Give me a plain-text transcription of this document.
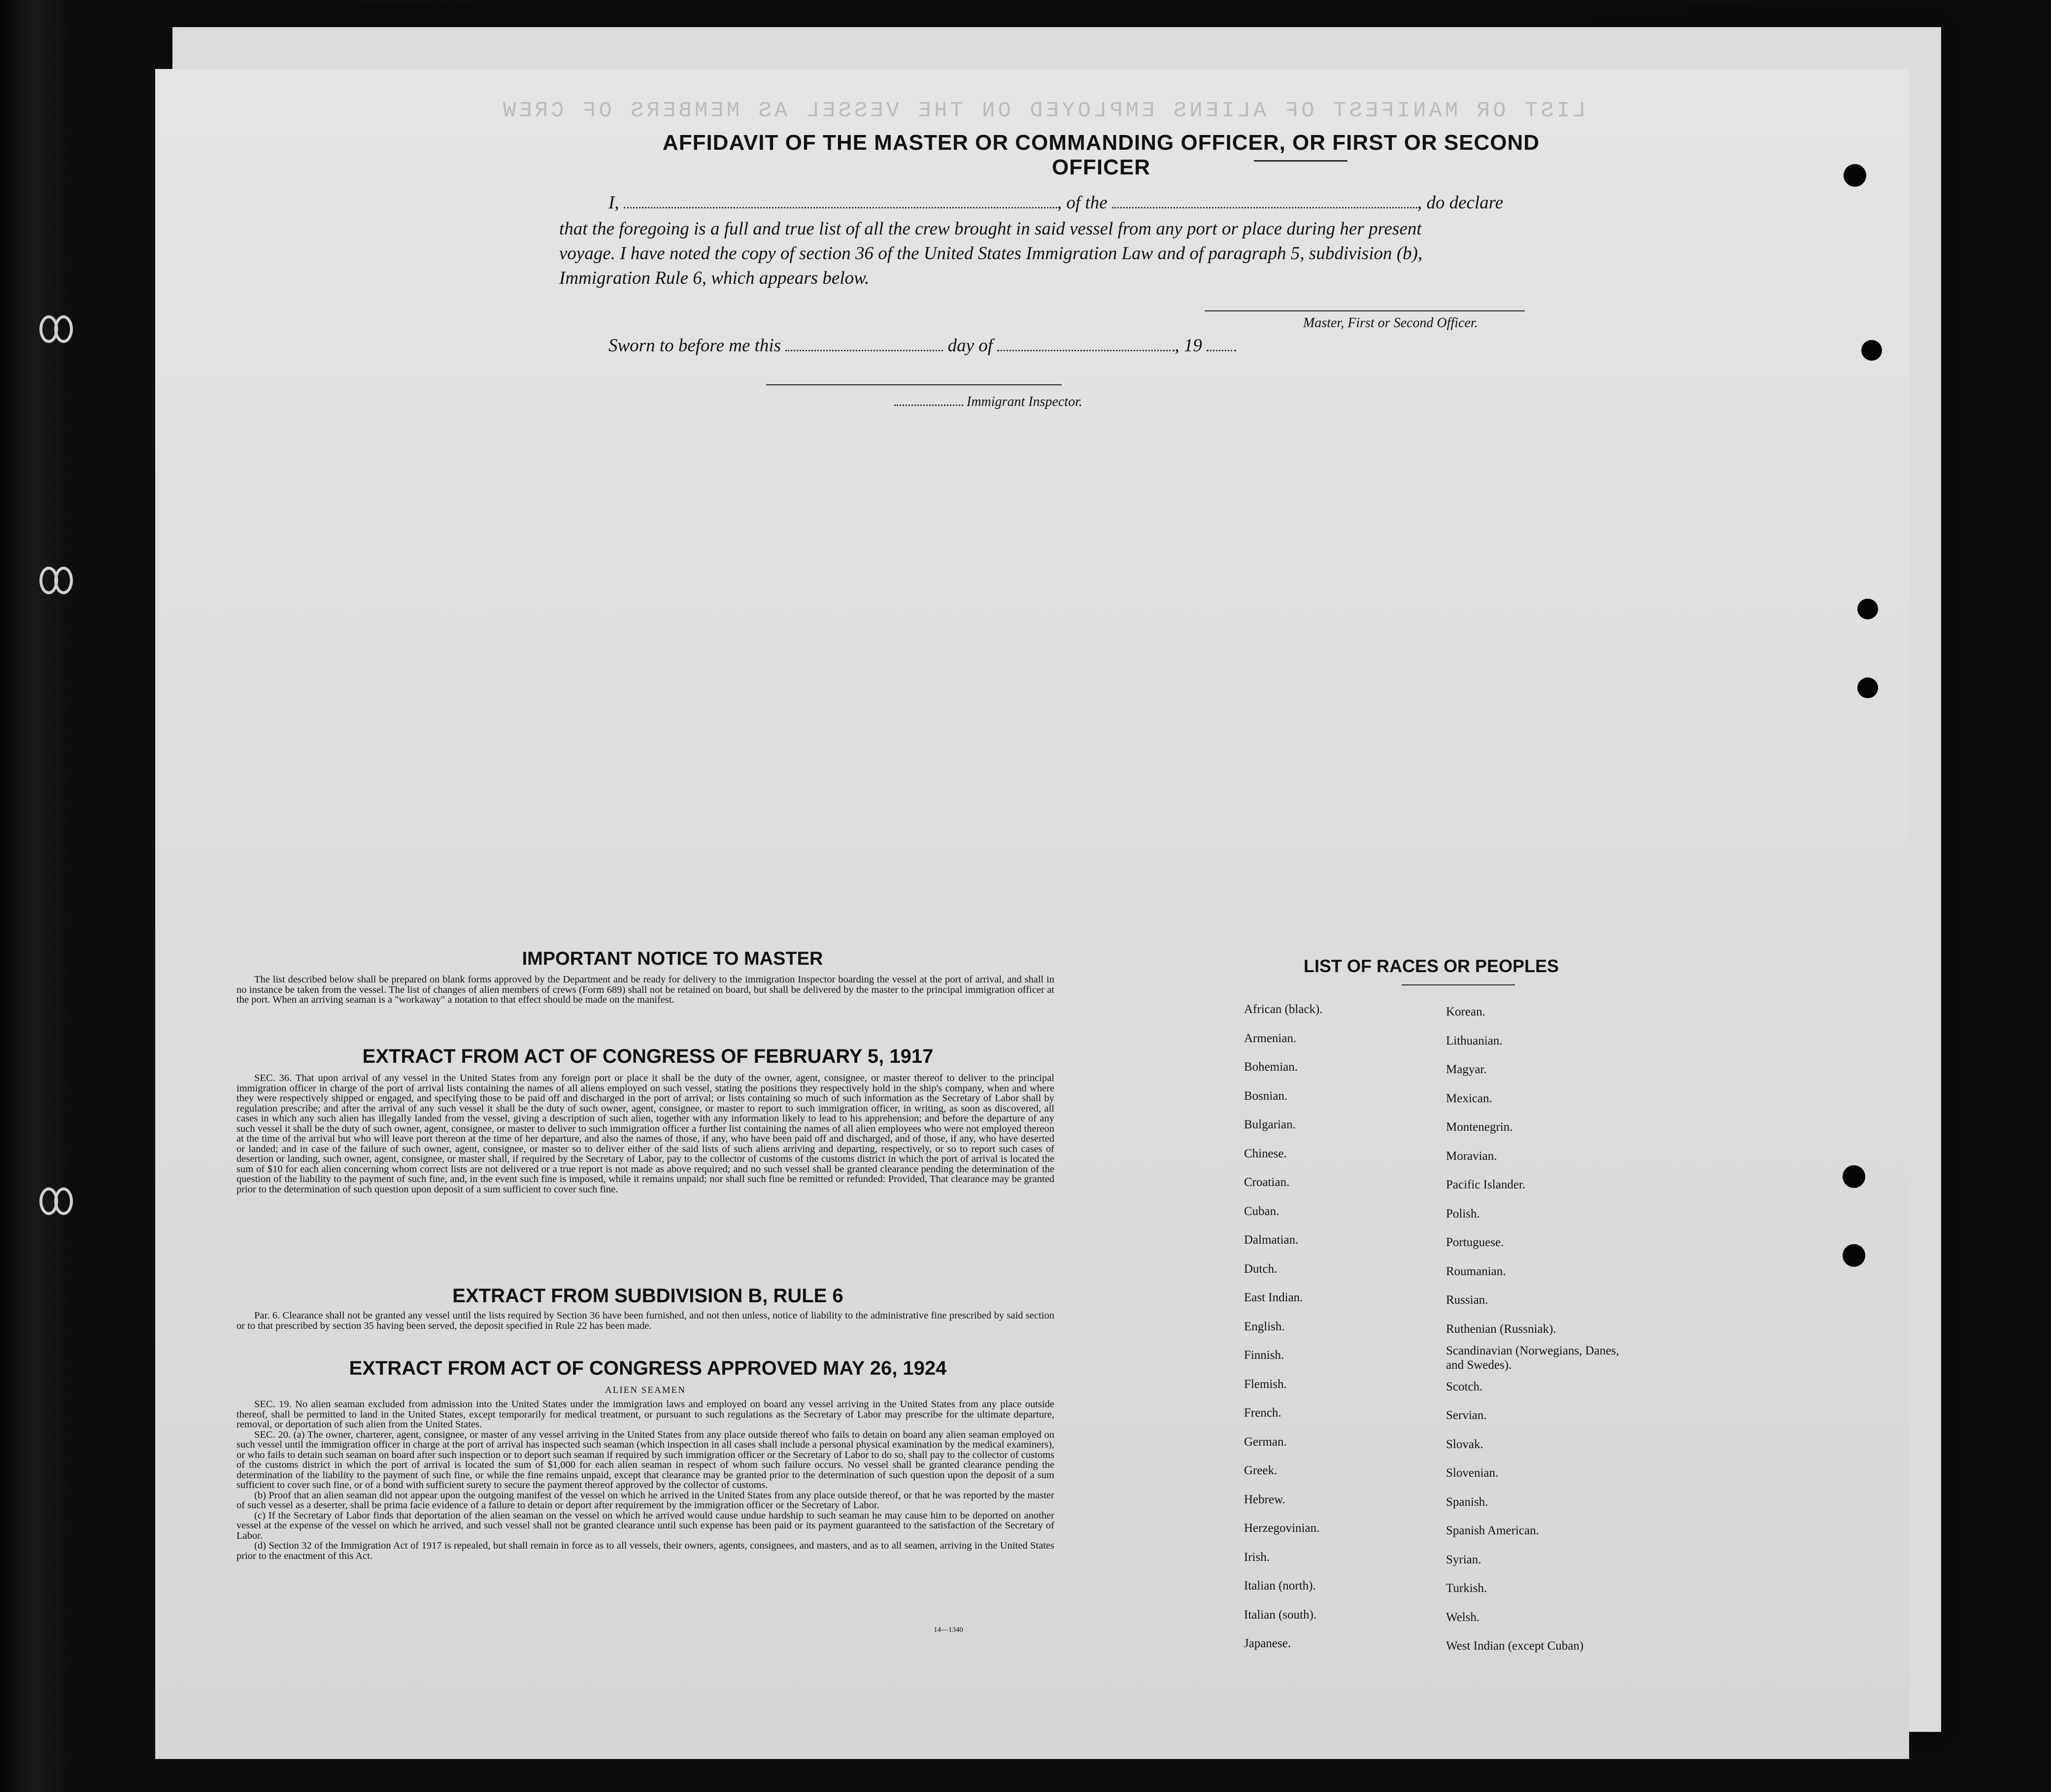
LIST OR MANIFEST OF ALIENS EMPLOYED ON THE VESSEL AS MEMBERS OF CREW
AFFIDAVIT OF THE MASTER OR COMMANDING OFFICER, OR FIRST OR SECOND OFFICER
I,	, of the	, do declare
that the foregoing is a full and true list of all the crew brought in said vessel from any port or place during her present
voyage. I have noted the copy of section 36 of the United States Immigration Law and of paragraph 5, subdivision (b),
Immigration Rule 6, which appears below.
Master, First or Second Officer.
Sworn to before me this	day of	, 19
Immigrant Inspector.
IMPORTANT NOTICE TO MASTER

The list described below shall be prepared on blank forms approved by the Department and be ready for delivery to the immigration Inspector boarding the vessel at the port of arrival, and shall in no instance be taken from the vessel. The list of changes of alien members of crews (Form 689) shall not be retained on board, but shall be delivered by the master to the principal immigration officer at the port. When an arriving seaman is a "workaway" a notation to that effect should be made on the manifest.

EXTRACT FROM ACT OF CONGRESS OF FEBRUARY 5, 1917

SEC. 36. That upon arrival of any vessel in the United States from any foreign port or place it shall be the duty of the owner, agent, consignee, or master thereof to deliver to the principal immigration officer in charge of the port of arrival lists containing the names of all aliens employed on such vessel, stating the positions they respectively hold in the ship's company, when and where they were respectively shipped or engaged, and specifying those to be paid off and discharged in the port of arrival; or lists containing so much of such information as the Secretary of Labor shall by regulation prescribe; and after the arrival of any such vessel it shall be the duty of such owner, agent, consignee, or master to report to such immigration officer, in writing, as soon as discovered, all cases in which any such alien has illegally landed from the vessel, giving a description of such alien, together with any information likely to lead to his apprehension; and before the departure of any such vessel it shall be the duty of such owner, agent, consignee, or master to deliver to such immigration officer a further list containing the names of all alien employees who were not employed thereon at the time of the arrival but who will leave port thereon at the time of her departure, and also the names of those, if any, who have been paid off and discharged, and of those, if any, who have deserted or landed; and in case of the failure of such owner, agent, consignee, or master so to deliver either of the said lists of such aliens arriving and departing, respectively, or so to report such cases of desertion or landing, such owner, agent, consignee, or master shall, if required by the Secretary of Labor, pay to the collector of customs of the customs district in which the port of arrival is located the sum of $10 for each alien concerning whom correct lists are not delivered or a true report is not made as above required; and no such vessel shall be granted clearance pending the determination of the question of the liability to the payment of such fine, and, in the event such fine is imposed, while it remains unpaid; nor shall such fine be remitted or refunded: Provided, That clearance may be granted prior to the determination of such question upon deposit of a sum sufficient to cover such fine.

EXTRACT FROM SUBDIVISION B, RULE 6

Par. 6. Clearance shall not be granted any vessel until the lists required by Section 36 have been furnished, and not then unless, notice of liability to the administrative fine prescribed by said section or to that prescribed by section 35 having been served, the deposit specified in Rule 22 has been made.

EXTRACT FROM ACT OF CONGRESS APPROVED MAY 26, 1924
ALIEN SEAMEN

SEC. 19. No alien seaman excluded from admission into the United States under the immigration laws and employed on board any vessel arriving in the United States from any place outside thereof, shall be permitted to land in the United States, except temporarily for medical treatment, or pursuant to such regulations as the Secretary of Labor may prescribe for the ultimate departure, removal, or deportation of such alien from the United States.

SEC. 20. (a) The owner, charterer, agent, consignee, or master of any vessel arriving in the United States from any place outside thereof who fails to detain on board any alien seaman employed on such vessel until the immigration officer in charge at the port of arrival has inspected such seaman (which inspection in all cases shall include a personal physical examination by the medical examiners), or who fails to detain such seaman on board after such inspection or to deport such seaman if required by such immigration officer or the Secretary of Labor to do so, shall pay to the collector of customs of the customs district in which the port of arrival is located the sum of $1,000 for each alien seaman in respect of whom such failure occurs. No vessel shall be granted clearance pending the determination of the liability to the payment of such fine, or while the fine remains unpaid, except that clearance may be granted prior to the determination of such question upon the deposit of a sum sufficient to cover such fine, or of a bond with sufficient surety to secure the payment thereof approved by the collector of customs.

(b) Proof that an alien seaman did not appear upon the outgoing manifest of the vessel on which he arrived in the United States from any place outside thereof, or that he was reported by the master of such vessel as a deserter, shall be prima facie evidence of a failure to detain or deport after requirement by the immigration officer or the Secretary of Labor.

(c) If the Secretary of Labor finds that deportation of the alien seaman on the vessel on which he arrived would cause undue hardship to such seaman he may cause him to be deported on another vessel at the expense of the vessel on which he arrived, and such vessel shall not be granted clearance until such expense has been paid or its payment guaranteed to the satisfaction of the Secretary of Labor.

(d) Section 32 of the Immigration Act of 1917 is repealed, but shall remain in force as to all vessels, their owners, agents, consignees, and masters, and as to all seamen, arriving in the United States prior to the enactment of this Act.

14—1340
LIST OF RACES OR PEOPLES
African (black).
Armenian.
Bohemian.
Bosnian.
Bulgarian.
Chinese.
Croatian.
Cuban.
Dalmatian.
Dutch.
East Indian.
English.
Finnish.
Flemish.
French.
German.
Greek.
Hebrew.
Herzegovinian.
Irish.
Italian (north).
Italian (south).
Japanese.
Korean.
Lithuanian.
Magyar.
Mexican.
Montenegrin.
Moravian.
Pacific Islander.
Polish.
Portuguese.
Roumanian.
Russian.
Ruthenian (Russniak).
Scandinavian (Norwegians, Danes, and Swedes).
Scotch.
Servian.
Slovak.
Slovenian.
Spanish.
Spanish American.
Syrian.
Turkish.
Welsh.
West Indian (except Cuban)
